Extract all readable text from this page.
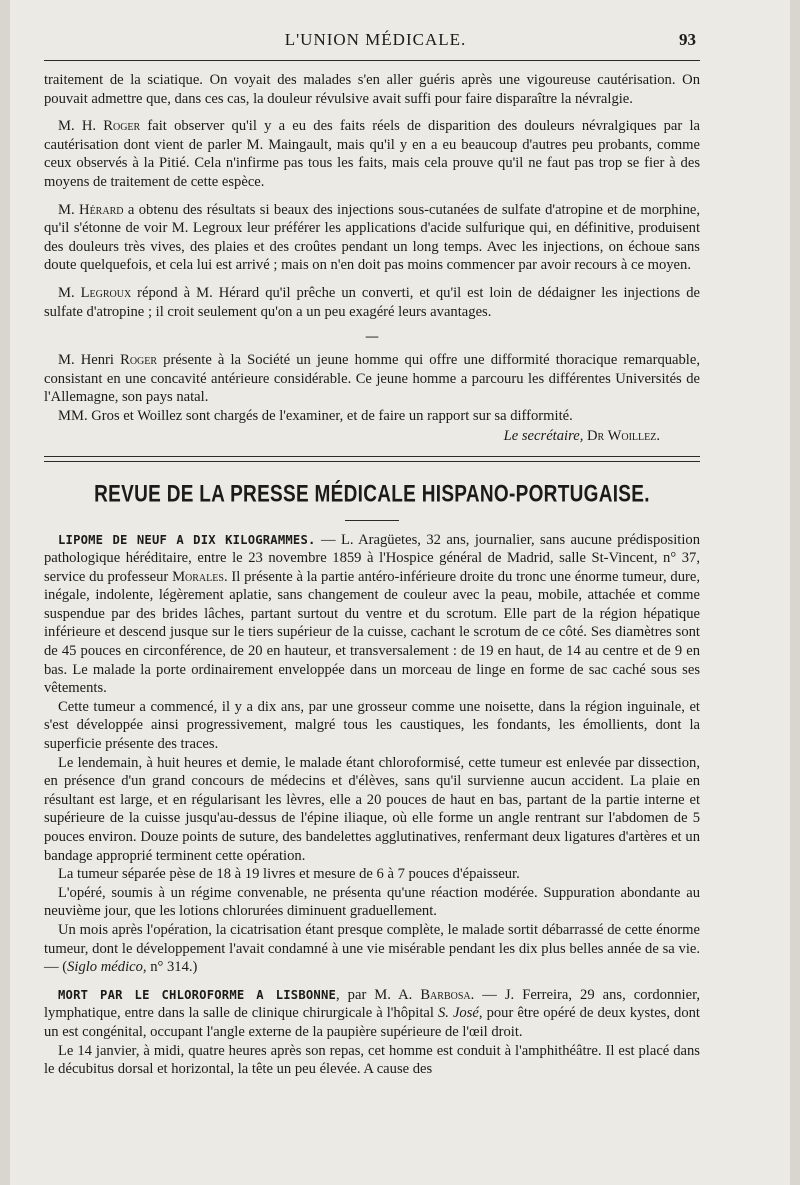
L'UNION MÉDICALE.	93

traitement de la sciatique. On voyait des malades s'en aller guéris après une vigoureuse cautérisation. On pouvait admettre que, dans ces cas, la douleur révulsive avait suffi pour faire disparaître la névralgie.

M. H. Roger fait observer qu'il y a eu des faits réels de disparition des douleurs névralgiques par la cautérisation dont vient de parler M. Maingault, mais qu'il y en a eu beaucoup d'autres peu probants, comme ceux observés à la Pitié. Cela n'infirme pas tous les faits, mais cela prouve qu'il ne faut pas trop se fier à des moyens de traitement de cette espèce.

M. Hérard a obtenu des résultats si beaux des injections sous-cutanées de sulfate d'atropine et de morphine, qu'il s'étonne de voir M. Legroux leur préférer les applications d'acide sulfurique qui, en définitive, produisent des douleurs très vives, des plaies et des croûtes pendant un long temps. Avec les injections, on échoue sans doute quelquefois, et cela lui est arrivé ; mais on n'en doit pas moins commencer par avoir recours à ce moyen.

M. Legroux répond à M. Hérard qu'il prêche un converti, et qu'il est loin de dédaigner les injections de sulfate d'atropine ; il croit seulement qu'on a un peu exagéré leurs avantages.

—

M. Henri Roger présente à la Société un jeune homme qui offre une difformité thoracique remarquable, consistant en une concavité antérieure considérable. Ce jeune homme a parcouru les différentes Universités de l'Allemagne, son pays natal.

MM. Gros et Woillez sont chargés de l'examiner, et de faire un rapport sur sa difformité.

Le secrétaire, Dr Woillez.
REVUE DE LA PRESSE MÉDICALE HISPANO-PORTUGAISE.

LIPOME DE NEUF A DIX KILOGRAMMES. — L. Aragüetes, 32 ans, journalier, sans aucune prédisposition pathologique héréditaire, entre le 23 novembre 1859 à l'Hospice général de Madrid, salle St-Vincent, n° 37, service du professeur Morales. Il présente à la partie antéro-inférieure droite du tronc une énorme tumeur, dure, inégale, indolente, légèrement aplatie, sans changement de couleur avec la peau, mobile, attachée et comme suspendue par des brides lâches, partant surtout du ventre et du scrotum. Elle part de la région hépatique inférieure et descend jusque sur le tiers supérieur de la cuisse, cachant le scrotum de ce côté. Ses diamètres sont de 45 pouces en circonférence, de 20 en hauteur, et transversalement : de 19 en haut, de 14 au centre et de 9 en bas. Le malade la porte ordinairement enveloppée dans un morceau de linge en forme de sac caché sous ses vêtements.

Cette tumeur a commencé, il y a dix ans, par une grosseur comme une noisette, dans la région inguinale, et s'est développée ainsi progressivement, malgré tous les caustiques, les fondants, les émollients, dont la superficie présente des traces.

Le lendemain, à huit heures et demie, le malade étant chloroformisé, cette tumeur est enlevée par dissection, en présence d'un grand concours de médecins et d'élèves, sans qu'il survienne aucun accident. La plaie en résultant est large, et en régularisant les lèvres, elle a 20 pouces de haut en bas, partant de la partie interne et supérieure de la cuisse jusqu'au-dessus de l'épine iliaque, où elle forme un angle rentrant sur l'abdomen de 5 pouces environ. Douze points de suture, des bandelettes agglutinatives, renfermant deux ligatures d'artères et un bandage approprié terminent cette opération.

La tumeur séparée pèse de 18 à 19 livres et mesure de 6 à 7 pouces d'épaisseur.

L'opéré, soumis à un régime convenable, ne présenta qu'une réaction modérée. Suppuration abondante au neuvième jour, que les lotions chlorurées diminuent graduellement.

Un mois après l'opération, la cicatrisation étant presque complète, le malade sortit débarrassé de cette énorme tumeur, dont le développement l'avait condamné à une vie misérable pendant les dix plus belles année de sa vie. — (Siglo médico, n° 314.)

MORT PAR LE CHLOROFORME A LISBONNE, par M. A. Barbosa. — J. Ferreira, 29 ans, cordonnier, lymphatique, entre dans la salle de clinique chirurgicale à l'hôpital S. José, pour être opéré de deux kystes, dont un est congénital, occupant l'angle externe de la paupière supérieure de l'œil droit.

Le 14 janvier, à midi, quatre heures après son repas, cet homme est conduit à l'amphithéâtre. Il est placé dans le décubitus dorsal et horizontal, la tête un peu élevée. A cause des
